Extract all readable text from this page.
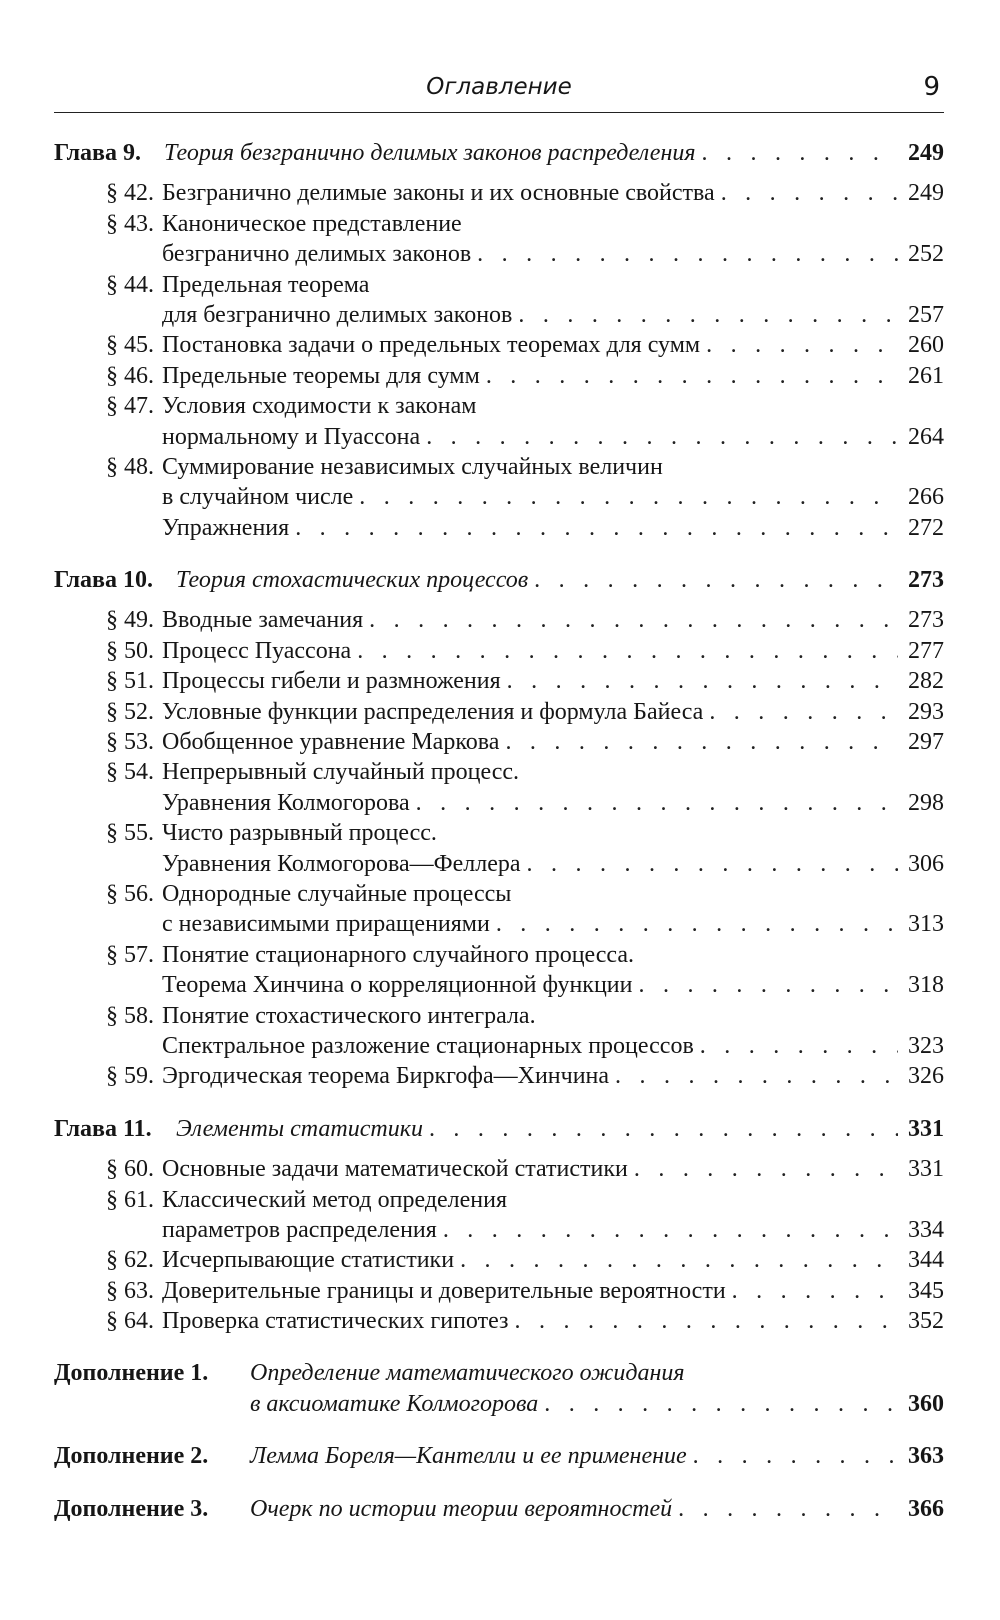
Оглавление	9
Глава 9. Теория безгранично делимых законов распределения . . .	249
§ 42. Безгранично делимые законы и их основные свойства . . .	249
§ 43. Каноническое представление
безгранично делимых законов . . .	252
§ 44. Предельная теорема
для безгранично делимых законов . . .	257
§ 45. Постановка задачи о предельных теоремах для сумм . . .	260
§ 46. Предельные теоремы для сумм . . .	261
§ 47. Условия сходимости к законам
нормальному и Пуассона . . .	264
§ 48. Суммирование независимых случайных величин
в случайном числе . . .	266
Упражнения . . .	272
Глава 10. Теория стохастических процессов . . .	273
§ 49. Вводные замечания . . .	273
§ 50. Процесс Пуассона . . .	277
§ 51. Процессы гибели и размножения . . .	282
§ 52. Условные функции распределения и формула Байеса . . .	293
§ 53. Обобщенное уравнение Маркова . . .	297
§ 54. Непрерывный случайный процесс.
Уравнения Колмогорова . . .	298
§ 55. Чисто разрывный процесс.
Уравнения Колмогорова—Феллера . . .	306
§ 56. Однородные случайные процессы
с независимыми приращениями . . .	313
§ 57. Понятие стационарного случайного процесса.
Теорема Хинчина о корреляционной функции . . .	318
§ 58. Понятие стохастического интеграла.
Спектральное разложение стационарных процессов . . .	323
§ 59. Эргодическая теорема Биркгофа—Хинчина . . .	326
Глава 11.	Элементы статистики . . .	331
§ 60. Основные задачи математической статистики . . .	331
§ 61. Классический метод определения
параметров распределения . . .	334
§ 62. Исчерпывающие статистики . . .	344
§ 63. Доверительные границы и доверительные вероятности . . .	345
§ 64. Проверка статистических гипотез . . .	352
Дополнение 1.	Определение математического ожидания
в аксиоматике Колмогорова . . .	360
Дополнение 2.	Лемма Бореля—Кантелли и ее применение . . .	363
Дополнение 3.	Очерк по истории теории вероятностей . . .	366
